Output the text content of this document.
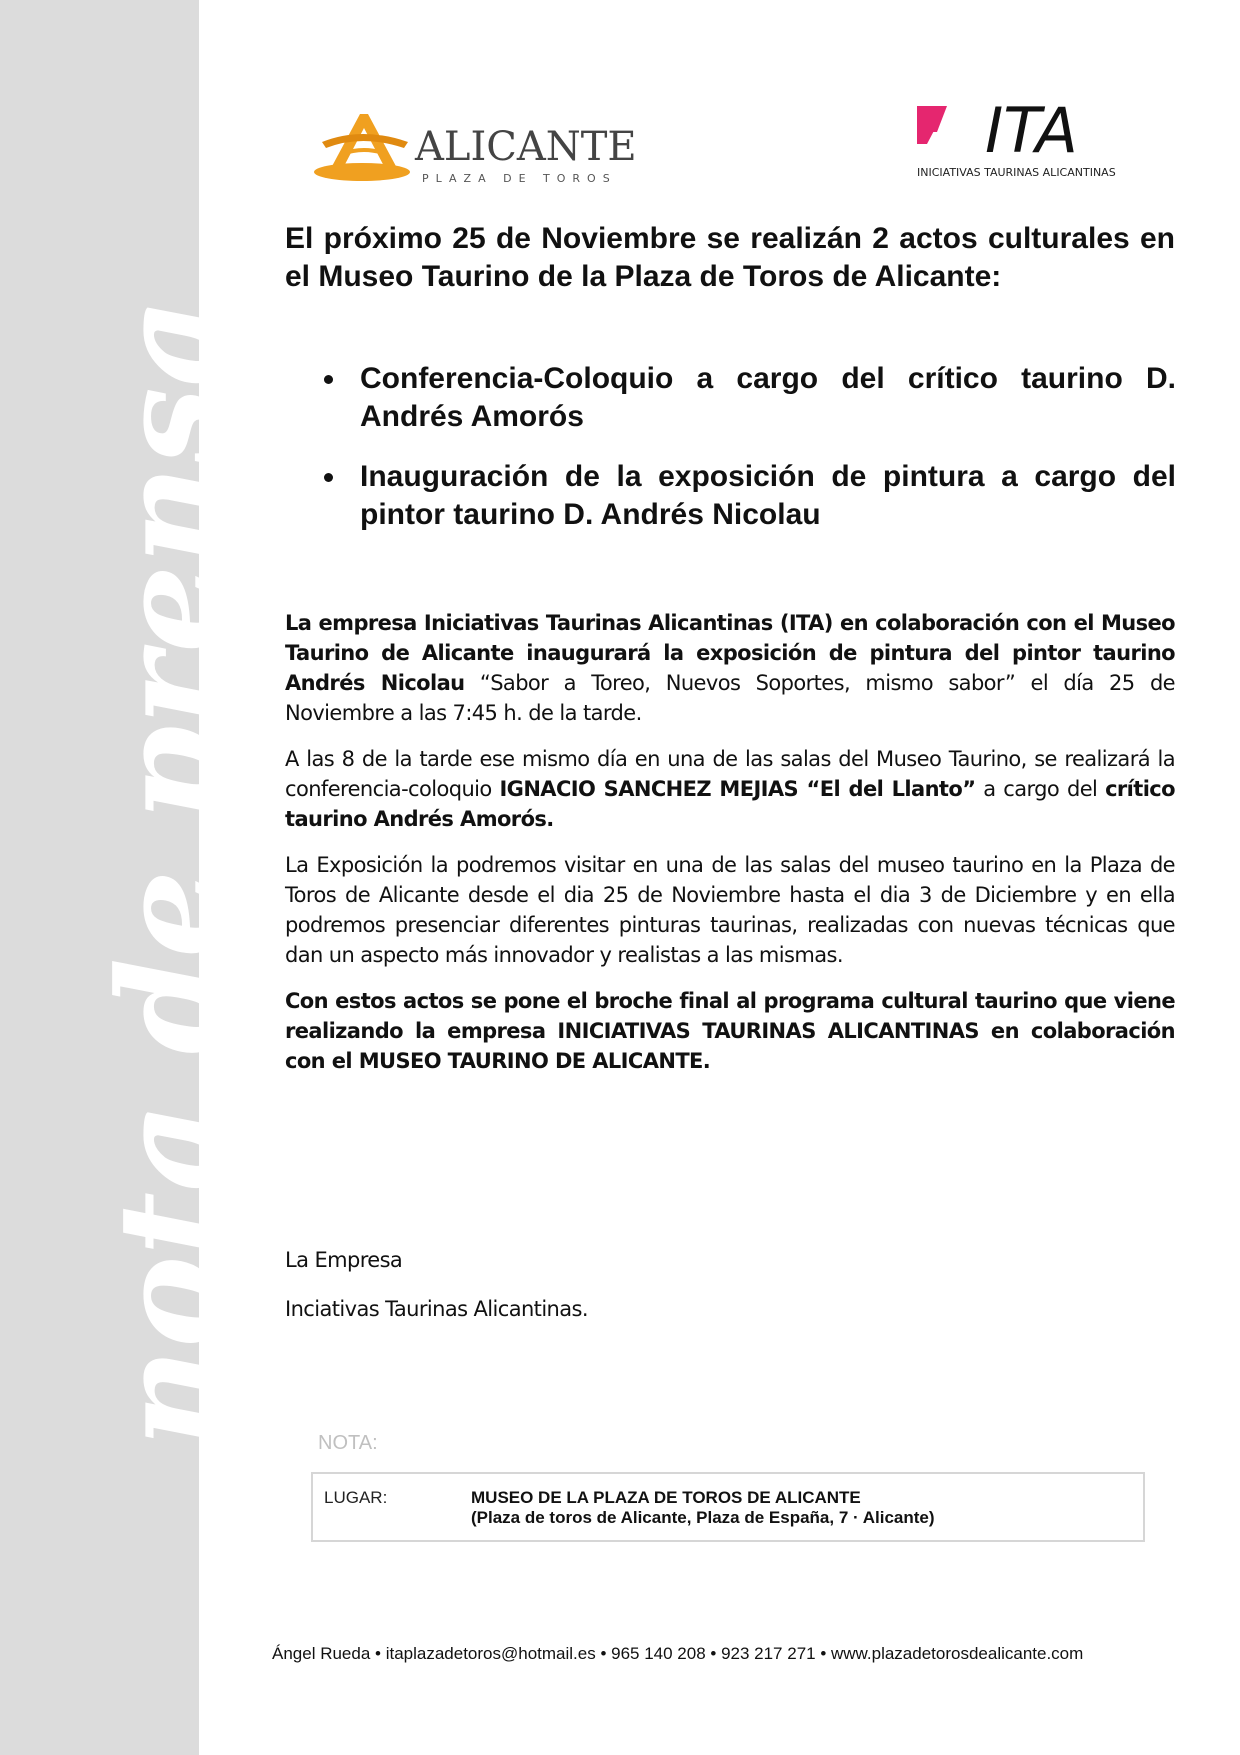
nota de prensa
ALICANTE
PLAZA DE TOROS
ITA
INICIATIVAS TAURINAS ALICANTINAS

El próximo 25 de Noviembre se realizán 2 actos culturales en el Museo Taurino de la Plaza de Toros de Alicante:

Conferencia-Coloquio a cargo del crítico taurino D. Andrés Amorós
Inauguración de la exposición de pintura a cargo del pintor taurino D. Andrés Nicolau

La empresa Iniciativas Taurinas Alicantinas (ITA) en colaboración con el Museo Taurino de Alicante inaugurará la exposición de pintura del pintor taurino Andrés Nicolau “Sabor a Toreo, Nuevos Soportes, mismo sabor” el día 25 de Noviembre a las 7:45 h. de la tarde.

A las 8 de la tarde ese mismo día en una de las salas del Museo Taurino, se realizará la conferencia-coloquio IGNACIO SANCHEZ MEJIAS “El del Llanto” a cargo del crítico taurino Andrés Amorós.

La Exposición la podremos visitar en una de las salas del museo taurino en la Plaza de Toros de Alicante desde el dia 25 de Noviembre hasta el dia 3 de Diciembre y en ella podremos presenciar diferentes pinturas taurinas, realizadas con nuevas técnicas que dan un aspecto más innovador y realistas a las mismas.

Con estos actos se pone el broche final al programa cultural taurino que viene realizando la empresa INICIATIVAS TAURINAS ALICANTINAS en colaboración con el MUSEO TAURINO DE ALICANTE.

La Empresa
Inciativas Taurinas Alicantinas.
NOTA:
LUGAR:	MUSEO DE LA PLAZA DE TOROS DE ALICANTE
(Plaza de toros de Alicante, Plaza de España, 7 · Alicante)
Ángel Rueda • itaplazadetoros@hotmail.es • 965 140 208 • 923 217 271 • www.plazadetorosdealicante.com
